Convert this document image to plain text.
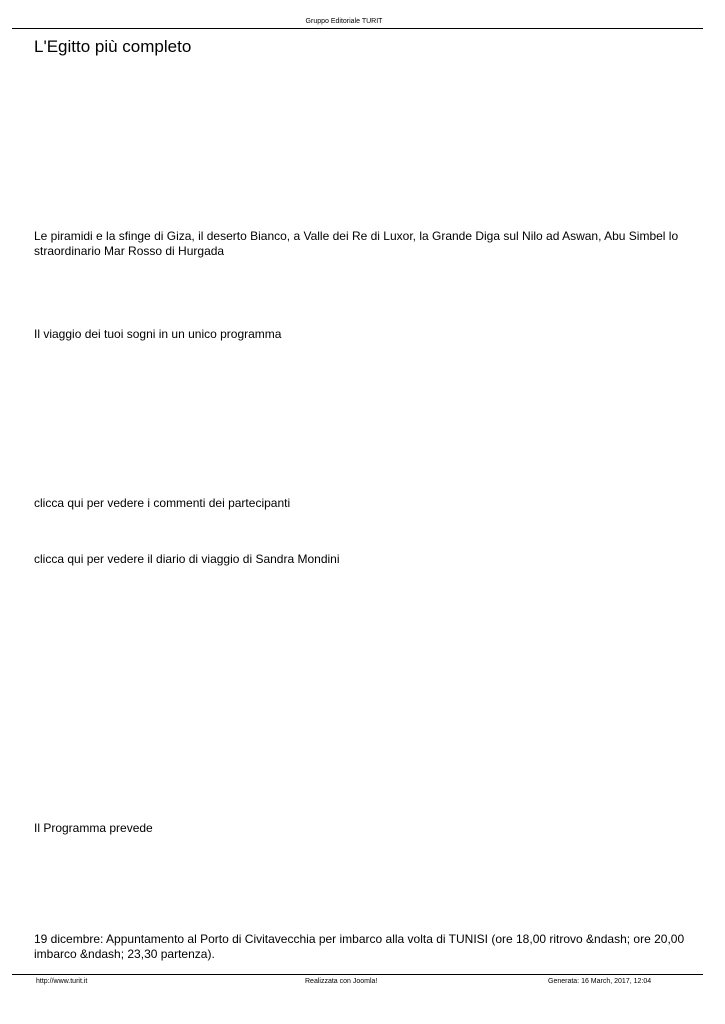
Gruppo Editoriale TURIT
L'Egitto più completo
Le piramidi e la sfinge di Giza, il deserto Bianco, a Valle dei Re di Luxor, la Grande Diga sul Nilo ad Aswan, Abu Simbel lo straordinario Mar Rosso di Hurgada
Il viaggio dei tuoi sogni in un unico programma
clicca qui per vedere i commenti dei partecipanti
clicca qui per vedere il diario di viaggio di Sandra Mondini
Il Programma prevede
19 dicembre: Appuntamento al Porto di Civitavecchia per imbarco alla volta di TUNISI (ore 18,00 ritrovo &ndash; ore 20,00 imbarco &ndash; 23,30 partenza).
http://www.turit.it	Realizzata con Joomla!	Generata: 16 March, 2017, 12:04
